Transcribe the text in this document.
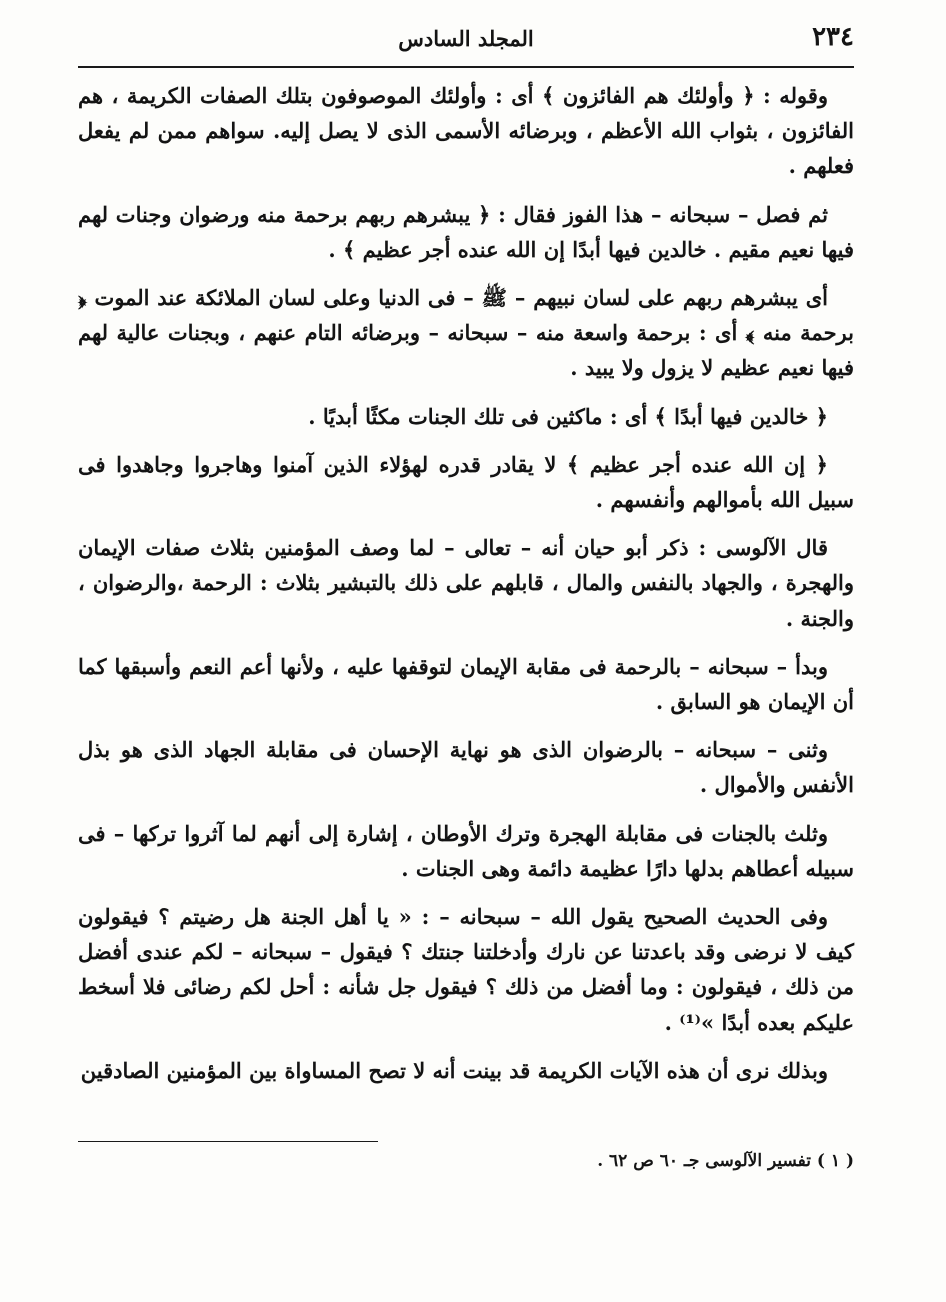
٢٣٤
المجلد السادس

وقوله : ﴿ وأولئك هم الفائزون ﴾ أى : وأولئك الموصوفون بتلك الصفات الكريمة ، هم الفائزون ، بثواب الله الأعظم ، وبرضائه الأسمى الذى لا يصل إليه. سواهم ممن لم يفعل فعلهم .

ثم فصل – سبحانه – هذا الفوز فقال : ﴿ يبشرهم ربهم برحمة منه ورضوان وجنات لهم فيها نعيم مقيم . خالدين فيها أبدًا إن الله عنده أجر عظيم ﴾ .

أى يبشرهم ربهم على لسان نبيهم – ﷺ – فى الدنيا وعلى لسان الملائكة عند الموت ﴿ برحمة منه ﴾ أى : برحمة واسعة منه – سبحانه – وبرضائه التام عنهم ، وبجنات عالية لهم فيها نعيم عظيم لا يزول ولا يبيد .

﴿ خالدين فيها أبدًا ﴾ أى : ماكثين فى تلك الجنات مكثًا أبديًا .

﴿ إن الله عنده أجر عظيم ﴾ لا يقادر قدره لهؤلاء الذين آمنوا وهاجروا وجاهدوا فى سبيل الله بأموالهم وأنفسهم .

قال الآلوسى : ذكر أبو حيان أنه – تعالى – لما وصف المؤمنين بثلاث صفات الإيمان والهجرة ، والجهاد بالنفس والمال ، قابلهم على ذلك بالتبشير بثلاث : الرحمة ،والرضوان ، والجنة .

وبدأ – سبحانه – بالرحمة فى مقابة الإيمان لتوقفها عليه ، ولأنها أعم النعم وأسبقها كما أن الإيمان هو السابق .

وثنى – سبحانه – بالرضوان الذى هو نهاية الإحسان فى مقابلة الجهاد الذى هو بذل الأنفس والأموال .

وثلث بالجنات فى مقابلة الهجرة وترك الأوطان ، إشارة إلى أنهم لما آثروا تركها – فى سبيله أعطاهم بدلها دارًا عظيمة دائمة وهى الجنات .

وفى الحديث الصحيح يقول الله – سبحانه – : « يا أهل الجنة هل رضيتم ؟ فيقولون كيف لا نرضى وقد باعدتنا عن نارك وأدخلتنا جنتك ؟ فيقول – سبحانه – لكم عندى أفضل من ذلك ، فيقولون : وما أفضل من ذلك ؟ فيقول جل شأنه : أحل لكم رضائى فلا أسخط عليكم بعده أبدًا »⁽¹⁾ .

وبذلك نرى أن هذه الآيات الكريمة قد بينت أنه لا تصح المساواة بين المؤمنين الصادقين

( ١ ) تفسير الآلوسى جـ ٦٠ ص ٦٢ .
